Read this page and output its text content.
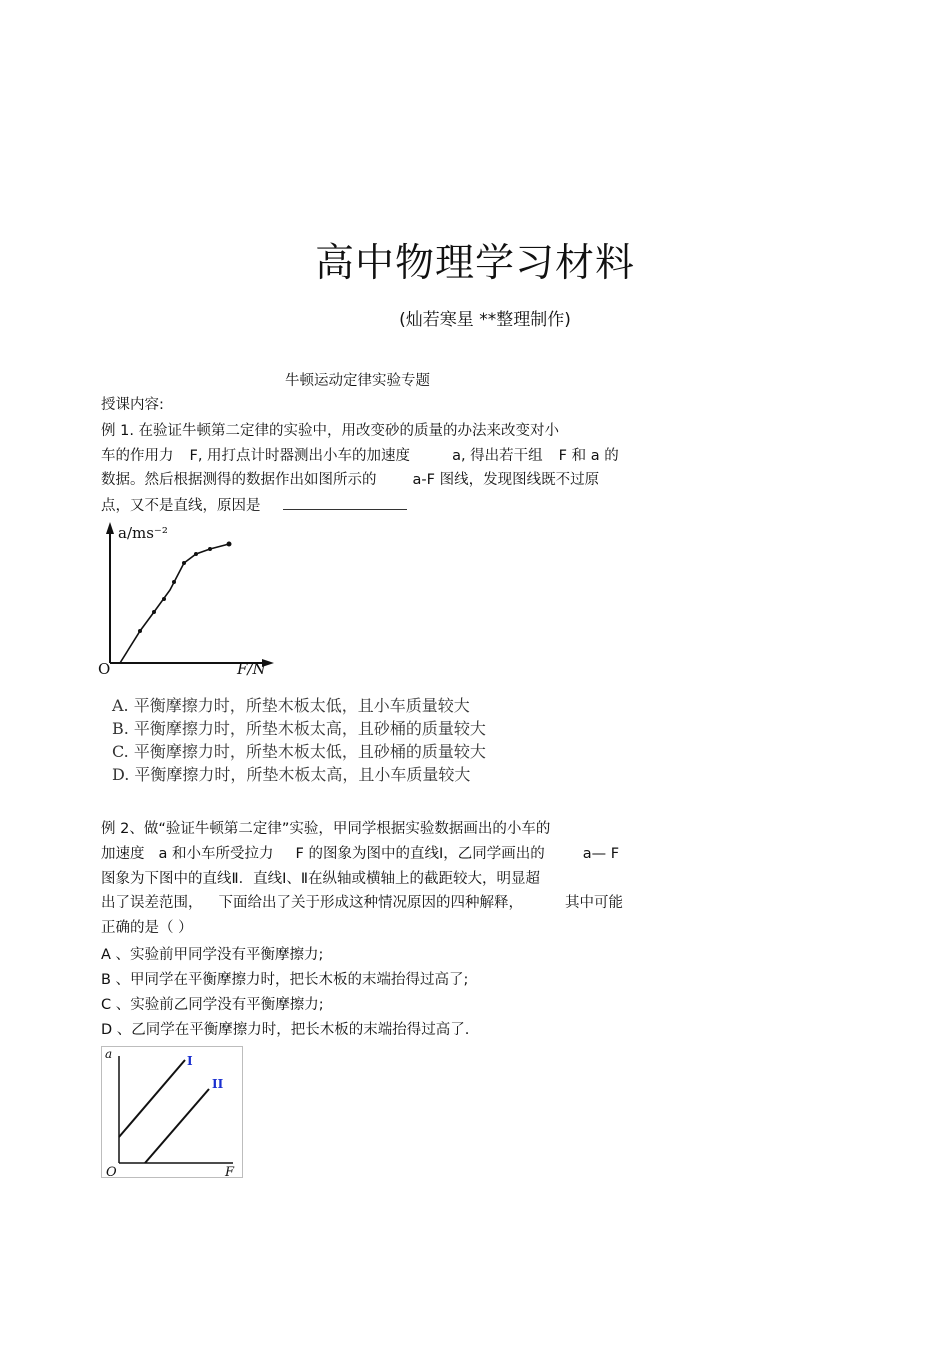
高中物理学习材料
(灿若寒星 **整理制作)
牛顿运动定律实验专题
授课内容:
例 1. 在验证牛顿第二定律的实验中，用改变砂的质量的办法来改变对小
车的作用力 F, 用打点计时器测出小车的加速度	a, 得出若干组 F 和 a 的
数据。然后根据测得的数据作出如图所示的 a-F 图线，发现图线既不过原
点，又不是直线，原因是
a/ms⁻²
O	F/N
A. 平衡摩擦力时，所垫木板太低，且小车质量较大
B. 平衡摩擦力时，所垫木板太高，且砂桶的质量较大
C. 平衡摩擦力时，所垫木板太低，且砂桶的质量较大
D. 平衡摩擦力时，所垫木板太高，且小车质量较大
例 2、做“验证牛顿第二定律”实验，甲同学根据实验数据画出的小车的
加速度 a 和小车所受拉力 F 的图象为图中的直线Ⅰ，乙同学画出的	a— F
图象为下图中的直线Ⅱ．直线Ⅰ、Ⅱ在纵轴或横轴上的截距较大，明显超
出了误差范围， 下面给出了关于形成这种情况原因的四种解释，	其中可能
正确的是（ ）
A 、实验前甲同学没有平衡摩擦力;
B 、甲同学在平衡摩擦力时，把长木板的末端抬得过高了;
C 、实验前乙同学没有平衡摩擦力;
D 、乙同学在平衡摩擦力时，把长木板的末端抬得过高了.
a
O	F
I
II
